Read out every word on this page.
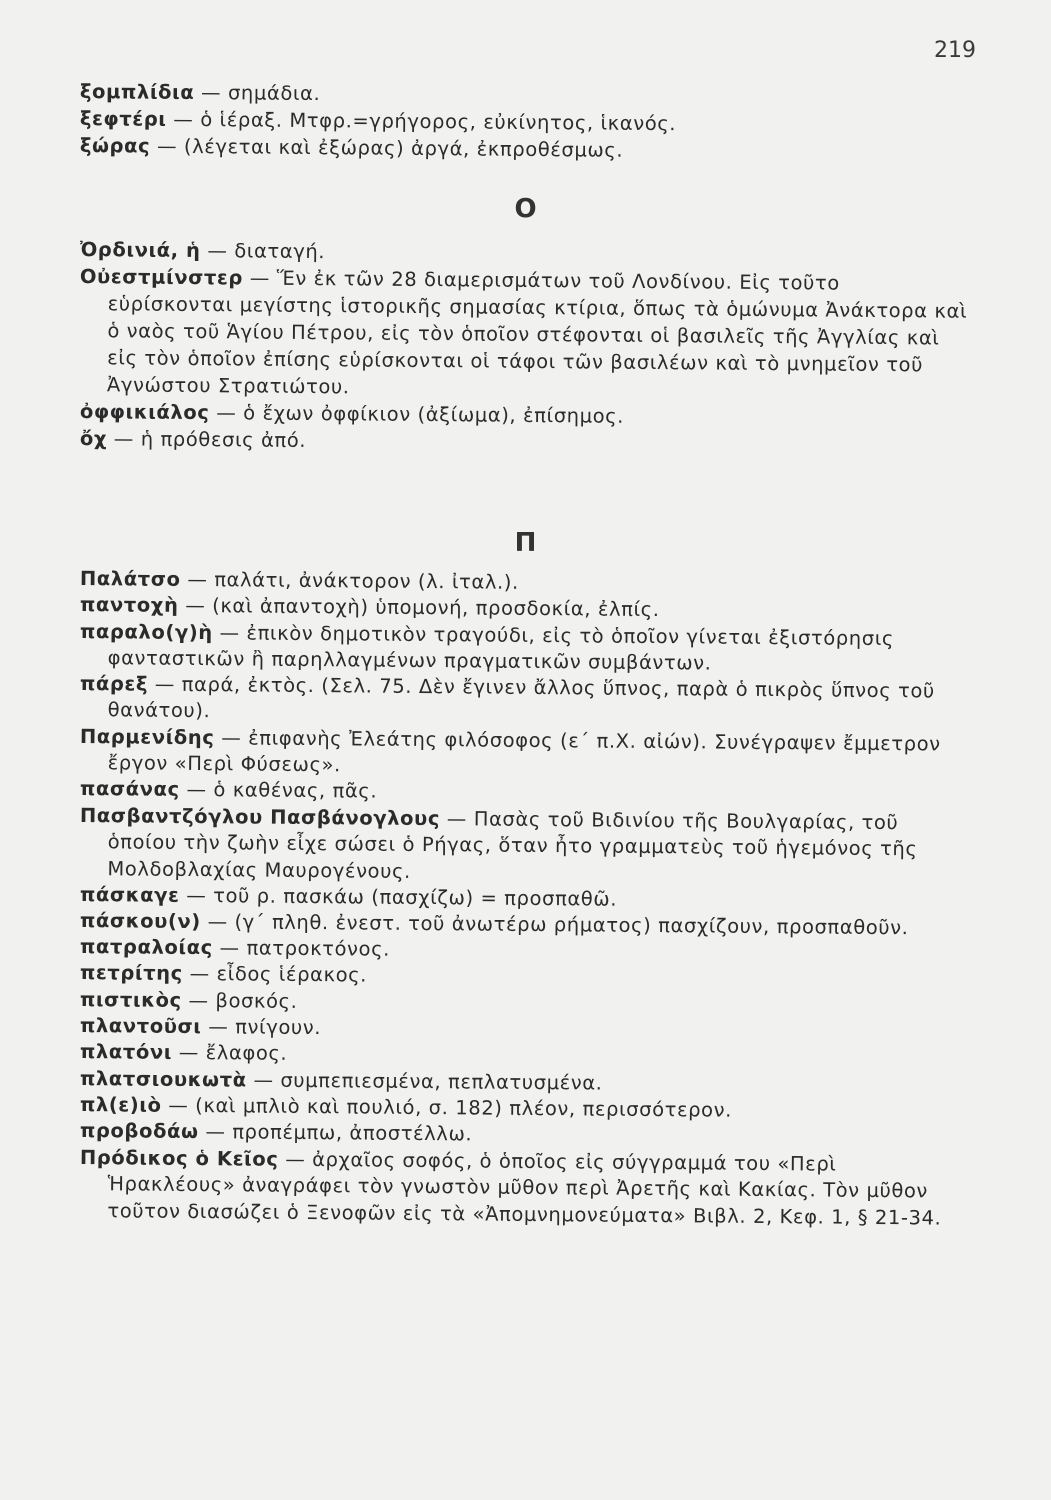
219

ξομπλίδια — σημάδια.

ξεφτέρι — ὁ ἱέραξ. Μτφρ.=γρήγορος, εὐκίνητος, ἱκανός.

ξώρας — (λέγεται καὶ ἐξώρας) ἀργά, ἐκπροθέσμως.

Ο

Ὀρδινιά, ἡ — διαταγή.

Οὐεστμίνστερ — Ἕν ἐκ τῶν 28 διαμερισμάτων τοῦ Λονδίνου. Εἰς τοῦτο εὑρίσκονται μεγίστης ἱστορικῆς σημασίας κτίρια, ὅπως τὰ ὁμώνυμα Ἀνάκτορα καὶ ὁ ναὸς τοῦ Ἁγίου Πέτρου, εἰς τὸν ὁποῖον στέφονται οἱ βασιλεῖς τῆς Ἀγγλίας καὶ εἰς τὸν ὁποῖον ἐπίσης εὑρίσκονται οἱ τάφοι τῶν βασιλέων καὶ τὸ μνημεῖον τοῦ Ἀγνώστου Στρατιώτου.

ὀφφικιάλος — ὁ ἔχων ὀφφίκιον (ἀξίωμα), ἐπίσημος.

ὄχ — ἡ πρόθεσις ἀπό.

Π

Παλάτσο — παλάτι, ἀνάκτορον (λ. ἰταλ.).

παντοχὴ — (καὶ ἀπαντοχὴ) ὑπομονή, προσδοκία, ἐλπίς.

παραλο(γ)ὴ — ἐπικὸν δημοτικὸν τραγούδι, εἰς τὸ ὁποῖον γίνεται ἐξιστόρησις φανταστικῶν ἢ παρηλλαγμένων πραγματικῶν συμβάντων.

πάρεξ — παρά, ἐκτὸς. (Σελ. 75. Δὲν ἔγινεν ἄλλος ὕπνος, παρὰ ὁ πικρὸς ὕπνος τοῦ θανάτου).

Παρμενίδης — ἐπιφανὴς Ἐλεάτης φιλόσοφος (ε΄ π.Χ. αἰών). Συνέγραψεν ἔμμετρον ἔργον «Περὶ Φύσεως».

πασάνας — ὁ καθένας, πᾶς.

Πασβαντζόγλου Πασβάνογλους — Πασὰς τοῦ Βιδινίου τῆς Βουλγαρίας, τοῦ ὁποίου τὴν ζωὴν εἶχε σώσει ὁ Ρήγας, ὅταν ἦτο γραμματεὺς τοῦ ἡγεμόνος τῆς Μολδοβλαχίας Μαυρογένους.

πάσκαγε — τοῦ ρ. πασκάω (πασχίζω) = προσπαθῶ.

πάσκου(ν) — (γ΄ πληθ. ἐνεστ. τοῦ ἀνωτέρω ρήματος) πασχίζουν, προσπαθοῦν.

πατραλοίας — πατροκτόνος.

πετρίτης — εἶδος ἱέρακος.

πιστικὸς — βοσκός.

πλαντοῦσι — πνίγουν.

πλατόνι — ἔλαφος.

πλατσιουκωτὰ — συμπεπιεσμένα, πεπλατυσμένα.

πλ(ε)ιὸ — (καὶ μπλιὸ καὶ πουλιό, σ. 182) πλέον, περισσότερον.

προβοδάω — προπέμπω, ἀποστέλλω.

Πρόδικος ὁ Κεῖος — ἀρχαῖος σοφός, ὁ ὁποῖος εἰς σύγγραμμά του «Περὶ Ἡρακλέους» ἀναγράφει τὸν γνωστὸν μῦθον περὶ Ἀρετῆς καὶ Κακίας. Τὸν μῦθον τοῦτον διασώζει ὁ Ξενοφῶν εἰς τὰ «Ἀπομνημονεύματα» Βιβλ. 2, Κεφ. 1, § 21-34.
